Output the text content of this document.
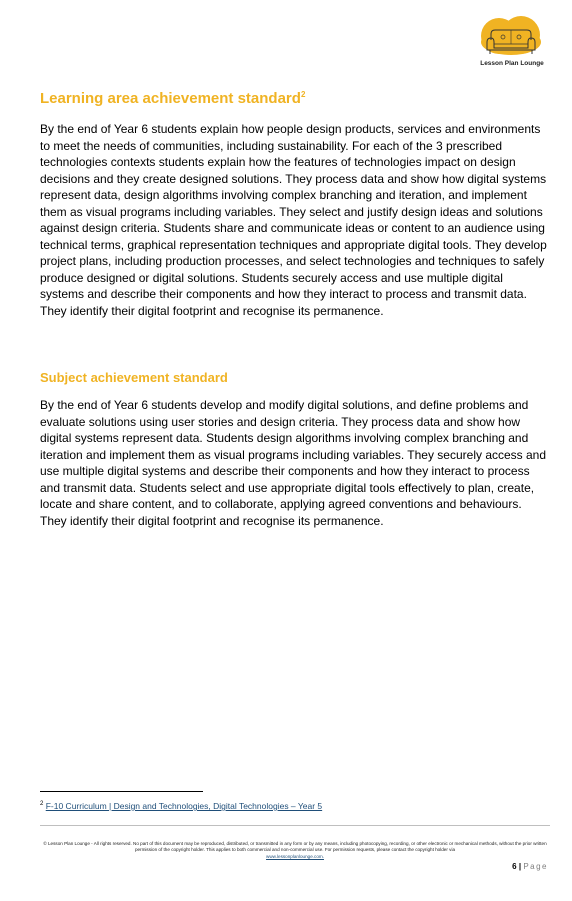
Lesson Plan Lounge
Learning area achievement standard$^2$

By the end of Year 6 students explain how people design products, services and environments to meet the needs of communities, including sustainability. For each of the 3 prescribed technologies contexts students explain how the features of technologies impact on design decisions and they create designed solutions. They process data and show how digital systems represent data, design algorithms involving complex branching and iteration, and implement them as visual programs including variables. They select and justify design ideas and solutions against design criteria. Students share and communicate ideas or content to an audience using technical terms, graphical representation techniques and appropriate digital tools. They develop project plans, including production processes, and select technologies and techniques to safely produce designed or digital solutions. Students securely access and use multiple digital systems and describe their components and how they interact to process and transmit data. They identify their digital footprint and recognise its permanence.

Subject achievement standard

By the end of Year 6 students develop and modify digital solutions, and define problems and evaluate solutions using user stories and design criteria. They process data and show how digital systems represent data. Students design algorithms involving complex branching and iteration and implement them as visual programs including variables. They securely access and use multiple digital systems and describe their components and how they interact to process and transmit data. Students select and use appropriate digital tools effectively to plan, create, locate and share content, and to collaborate, applying agreed conventions and behaviours. They identify their digital footprint and recognise its permanence.

$^2$ F-10 Curriculum | Design and Technologies, Digital Technologies – Year 5
© Lesson Plan Lounge - All rights reserved. No part of this document may be reproduced, distributed, or transmitted in any form or by any means, including photocopying, recording, or other electronic or mechanical methods, without the prior written permission of the copyright holder. This applies to both commercial and non-commercial use. For permission requests, please contact the copyright holder via
www.lessonplanlounge.com.
6 | Page
